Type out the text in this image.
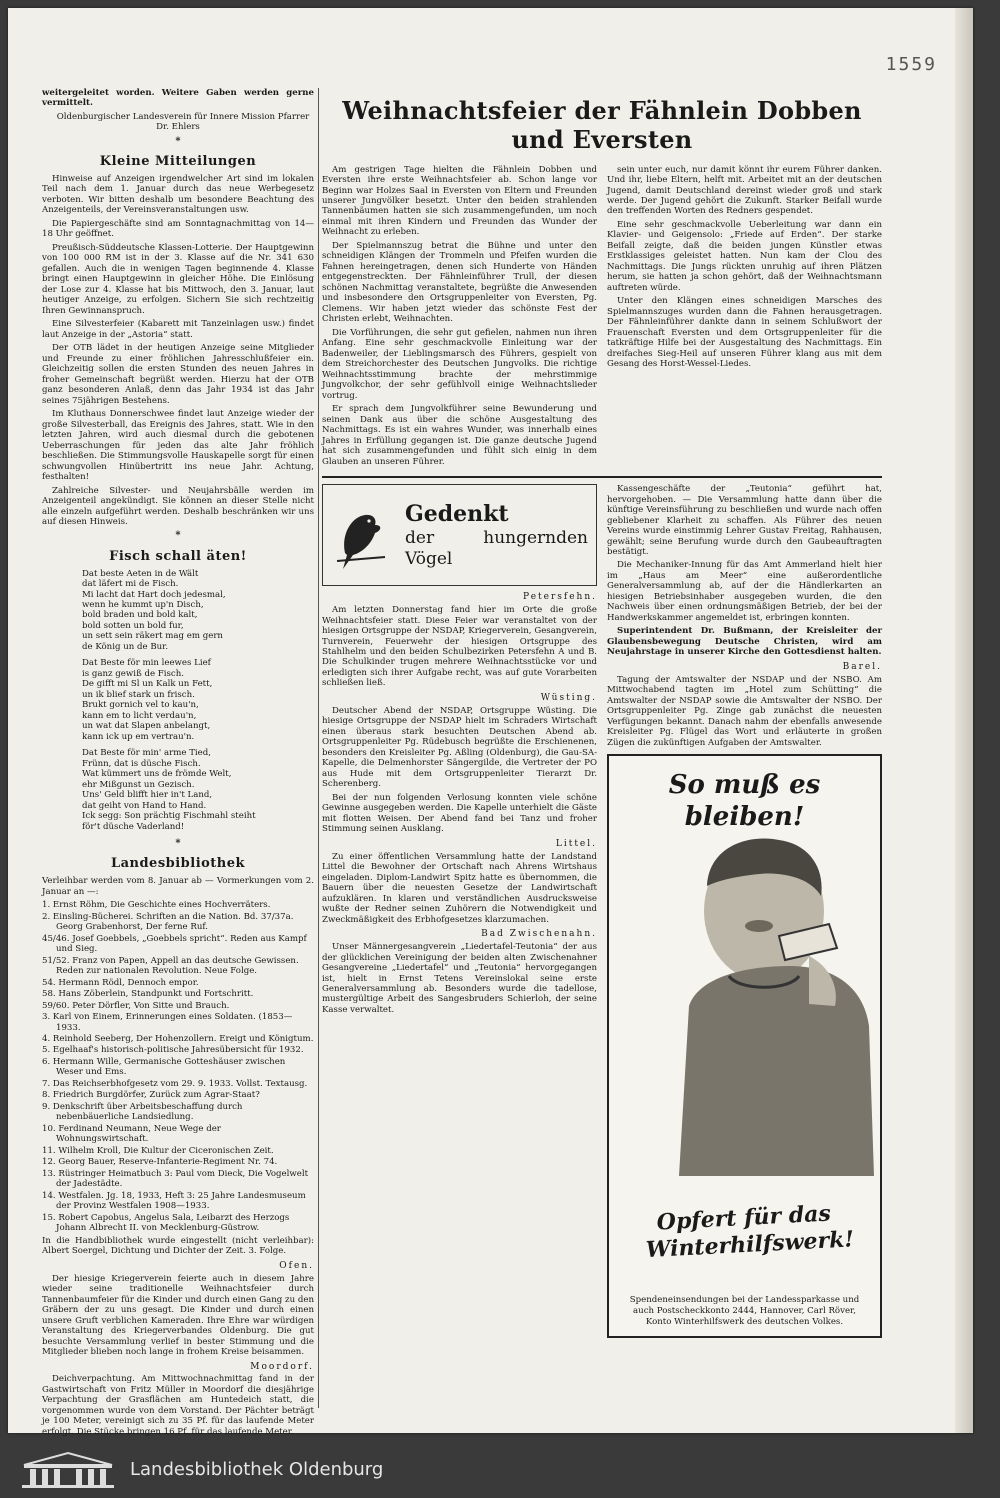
1559

weitergeleitet worden. Weitere Gaben werden gerne vermittelt.

Oldenburgischer Landesverein für Innere Mission Pfarrer Dr. Ehlers

*
Kleine Mitteilungen

Hinweise auf Anzeigen irgendwelcher Art sind im lokalen Teil nach dem 1. Januar durch das neue Werbegesetz verboten. Wir bitten deshalb um besondere Beachtung des Anzeigenteils, der Vereinsveranstaltungen usw.

Die Papiergeschäfte sind am Sonntagnachmittag von 14—18 Uhr geöffnet.

Preußisch-Süddeutsche Klassen-Lotterie. Der Hauptgewinn von 100 000 RM ist in der 3. Klasse auf die Nr. 341 630 gefallen. Auch die in wenigen Tagen beginnende 4. Klasse bringt einen Hauptgewinn in gleicher Höhe. Die Einlösung der Lose zur 4. Klasse hat bis Mittwoch, den 3. Januar, laut heutiger Anzeige, zu erfolgen. Sichern Sie sich rechtzeitig Ihren Gewinnanspruch.

Eine Silvesterfeier (Kabarett mit Tanzeinlagen usw.) findet laut Anzeige in der „Astoria“ statt.

Der OTB lädet in der heutigen Anzeige seine Mitglieder und Freunde zu einer fröhlichen Jahresschlußfeier ein. Gleichzeitig sollen die ersten Stunden des neuen Jahres in froher Gemeinschaft begrüßt werden. Hierzu hat der OTB ganz besonderen Anlaß, denn das Jahr 1934 ist das Jahr seines 75jährigen Bestehens.

Im Kluthaus Donnerschwee findet laut Anzeige wieder der große Silvesterball, das Ereignis des Jahres, statt. Wie in den letzten Jahren, wird auch diesmal durch die gebotenen Ueberraschungen für jeden das alte Jahr fröhlich beschließen. Die Stimmungsvolle Hauskapelle sorgt für einen schwungvollen Hinübertritt ins neue Jahr. Achtung, festhalten!

Zahlreiche Silvester- und Neujahrsbälle werden im Anzeigenteil angekündigt. Sie können an dieser Stelle nicht alle einzeln aufgeführt werden. Deshalb beschränken wir uns auf diesen Hinweis.

*
Fisch schall äten!
Dat beste Aeten in de Wält
dat läfert mi de Fisch.
Mi lacht dat Hart doch jedesmal,
wenn he kummt up'n Disch,
bold braden und bold kalt,
bold sotten un bold fur,
un sett sein räkert mag em gern
de König un de Bur.
Dat Beste för min leewes Lief
is ganz gewiß de Fisch.
De gifft mi Sl un Kalk un Fett,
un ik blief stark un frisch.
Brukt gornich vel to kau'n,
kann em to licht verdau'n,
un wat dat Slapen anbelangt,
kann ick up em vertrau'n.
Dat Beste för min' arme Tied,
Frünn, dat is düsche Fisch.
Wat kümmert uns de frömde Welt,
ehr Mißgunst un Gezisch.
Uns' Geld blifft hier in't Land,
dat geiht von Hand to Hand.
Ick segg: Son prächtig Fischmahl steiht
för't düsche Vaderland!
*
Landesbibliothek

Verleihbar werden vom 8. Januar ab — Vormerkungen vom 2. Januar an —:

1. Ernst Röhm, Die Geschichte eines Hochverräters.
2. Einsling-Bücherei. Schriften an die Nation. Bd. 37/37a. Georg Grabenhorst, Der ferne Ruf.
45/46. Josef Goebbels, „Goebbels spricht“. Reden aus Kampf und Sieg.
51/52. Franz von Papen, Appell an das deutsche Gewissen. Reden zur nationalen Revolution. Neue Folge.
54. Hermann Rödl, Dennoch empor.
58. Hans Zöberlein, Standpunkt und Fortschritt.
59/60. Peter Dörfler, Von Sitte und Brauch.
3. Karl von Einem, Erinnerungen eines Soldaten. (1853—1933.
4. Reinhold Seeberg, Der Hohenzollern. Ereigt und Königtum.
5. Egelhaaf's historisch-politische Jahresübersicht für 1932.
6. Hermann Wille, Germanische Gotteshäuser zwischen Weser und Ems.
7. Das Reichserbhofgesetz vom 29. 9. 1933. Vollst. Textausg.
8. Friedrich Burgdörfer, Zurück zum Agrar-Staat?
9. Denkschrift über Arbeitsbeschaffung durch nebenbäuerliche Landsiedlung.
10. Ferdinand Neumann, Neue Wege der Wohnungswirtschaft.
11. Wilhelm Kroll, Die Kultur der Ciceronischen Zeit.
12. Georg Bauer, Reserve-Infanterie-Regiment Nr. 74.
13. Rüstringer Heimatbuch 3: Paul vom Dieck, Die Vogelwelt der Jadestädte.
14. Westfalen. Jg. 18, 1933, Heft 3: 25 Jahre Landesmuseum der Provinz Westfalen 1908—1933.
15. Robert Capobus, Angelus Sala, Leibarzt des Herzogs Johann Albrecht II. von Mecklenburg-Güstrow.

In die Handbibliothek wurde eingestellt (nicht verleihbar): Albert Soergel, Dichtung und Dichter der Zeit. 3. Folge.

Ofen.

Der hiesige Kriegerverein feierte auch in diesem Jahre wieder seine traditionelle Weihnachtsfeier durch Tannenbaumfeier für die Kinder und durch einen Gang zu den Gräbern der zu uns gesagt. Die Kinder und durch einen unsere Gruft verblichen Kameraden. Ihre Ehre war würdigen Veranstaltung des Kriegerverbandes Oldenburg. Die gut besuchte Versammlung verlief in bester Stimmung und die Mitglieder blieben noch lange in frohem Kreise beisammen.

Moordorf.

Deichverpachtung. Am Mittwochnachmittag fand in der Gastwirtschaft von Fritz Müller in Moordorf die diesjährige Verpachtung der Grasflächen am Huntedeich statt, die vorgenommen wurde von dem Vorstand. Der Pächter beträgt je 100 Meter, vereinigt sich zu 35 Pf. für das laufende Meter erfolgt. Die Stücke bringen 16 Pf. für das laufende Meter.

Weihnachtsfeier der Fähnlein Dobben und Eversten

Am gestrigen Tage hielten die Fähnlein Dobben und Eversten ihre erste Weihnachtsfeier ab. Schon lange vor Beginn war Holzes Saal in Eversten von Eltern und Freunden unserer Jungvölker besetzt. Unter den beiden strahlenden Tannenbäumen hatten sie sich zusammengefunden, um noch einmal mit ihren Kindern und Freunden das Wunder der Weihnacht zu erleben.

Der Spielmannszug betrat die Bühne und unter den schneidigen Klängen der Trommeln und Pfeifen wurden die Fahnen hereingetragen, denen sich Hunderte von Händen entgegenstreckten. Der Fähnleinführer Trull, der diesen schönen Nachmittag veranstaltete, begrüßte die Anwesenden und insbesondere den Ortsgruppenleiter von Eversten, Pg. Clemens. Wir haben jetzt wieder das schönste Fest der Christen erlebt, Weihnachten.

Die Vorführungen, die sehr gut gefielen, nahmen nun ihren Anfang. Eine sehr geschmackvolle Einleitung war der Badenweiler, der Lieblingsmarsch des Führers, gespielt von dem Streichorchester des Deutschen Jungvolks. Die richtige Weihnachtsstimmung brachte der mehrstimmige Jungvolkchor, der sehr gefühlvoll einige Weihnachtslieder vortrug.

Er sprach dem Jungvolkführer seine Bewunderung und seinen Dank aus über die schöne Ausgestaltung des Nachmittags. Es ist ein wahres Wunder, was innerhalb eines Jahres in Erfüllung gegangen ist. Die ganze deutsche Jugend hat sich zusammengefunden und fühlt sich einig in dem Glauben an unseren Führer.

sein unter euch, nur damit könnt ihr eurem Führer danken. Und ihr, liebe Eltern, helft mit. Arbeitet mit an der deutschen Jugend, damit Deutschland dereinst wieder groß und stark werde. Der Jugend gehört die Zukunft. Starker Beifall wurde den treffenden Worten des Redners gespendet.

Eine sehr geschmackvolle Ueberleitung war dann ein Klavier- und Geigensolo: „Friede auf Erden“. Der starke Beifall zeigte, daß die beiden jungen Künstler etwas Erstklassiges geleistet hatten. Nun kam der Clou des Nachmittags. Die Jungs rückten unruhig auf ihren Plätzen herum, sie hatten ja schon gehört, daß der Weihnachtsmann auftreten würde.

Unter den Klängen eines schneidigen Marsches des Spielmannszuges wurden dann die Fahnen herausgetragen. Der Fähnleinführer dankte dann in seinem Schlußwort der Frauenschaft Eversten und dem Ortsgruppenleiter für die tatkräftige Hilfe bei der Ausgestaltung des Nachmittags. Ein dreifaches Sieg-Heil auf unseren Führer klang aus mit dem Gesang des Horst-Wessel-Liedes.

Gedenkt
der hungernden Vögel
Petersfehn.

Am letzten Donnerstag fand hier im Orte die große Weihnachtsfeier statt. Diese Feier war veranstaltet von der hiesigen Ortsgruppe der NSDAP, Kriegerverein, Gesangverein, Turnverein, Feuerwehr der hiesigen Ortsgruppe des Stahlhelm und den beiden Schulbezirken Petersfehn A und B. Die Schulkinder trugen mehrere Weihnachtsstücke vor und erledigten sich ihrer Aufgabe recht, was auf gute Vorarbeiten schließen ließ.

Wüsting.

Deutscher Abend der NSDAP, Ortsgruppe Wüsting. Die hiesige Ortsgruppe der NSDAP hielt im Schraders Wirtschaft einen überaus stark besuchten Deutschen Abend ab. Ortsgruppenleiter Pg. Rüdebusch begrüßte die Erschienenen, besonders den Kreisleiter Pg. Aßling (Oldenburg), die Gau-SA-Kapelle, die Delmenhorster Sängergilde, die Vertreter der PO aus Hude mit dem Ortsgruppenleiter Tierarzt Dr. Scherenberg.

Bei der nun folgenden Verlosung konnten viele schöne Gewinne ausgegeben werden. Die Kapelle unterhielt die Gäste mit flotten Weisen. Der Abend fand bei Tanz und froher Stimmung seinen Ausklang.

Littel.

Zu einer öffentlichen Versammlung hatte der Landstand Littel die Bewohner der Ortschaft nach Ahrens Wirtshaus eingeladen. Diplom-Landwirt Spitz hatte es übernommen, die Bauern über die neuesten Gesetze der Landwirtschaft aufzuklären. In klaren und verständlichen Ausdrucksweise wußte der Redner seinen Zuhörern die Notwendigkeit und Zweckmäßigkeit des Erbhofgesetzes klarzumachen.

Bad Zwischenahn.

Unser Männergesangverein „Liedertafel-Teutonia“ der aus der glücklichen Vereinigung der beiden alten Zwischenahner Gesangvereine „Liedertafel“ und „Teutonia“ hervorgegangen ist, hielt in Ernst Tetens Vereinslokal seine erste Generalversammlung ab. Besonders wurde die tadellose, mustergültige Arbeit des Sangesbruders Schierloh, der seine Kasse verwaltet.

Kassengeschäfte der „Teutonia“ geführt hat, hervorgehoben. — Die Versammlung hatte dann über die künftige Vereinsführung zu beschließen und wurde nach offen gebliebener Klarheit zu schaffen. Als Führer des neuen Vereins wurde einstimmig Lehrer Gustav Freitag, Rahhausen, gewählt; seine Berufung wurde durch den Gaubeauftragten bestätigt.

Die Mechaniker-Innung für das Amt Ammerland hielt hier im „Haus am Meer“ eine außerordentliche Generalversammlung ab, auf der die Händlerkarten an hiesigen Betriebsinhaber ausgegeben wurden, die den Nachweis über einen ordnungsmäßigen Betrieb, der bei der Handwerkskammer angemeldet ist, erbringen konnten.

Superintendent Dr. Bußmann, der Kreisleiter der Glaubensbewegung Deutsche Christen, wird am Neujahrstage in unserer Kirche den Gottesdienst halten.

Barel.

Tagung der Amtswalter der NSDAP und der NSBO. Am Mittwochabend tagten im „Hotel zum Schütting“ die Amtswalter der NSDAP sowie die Amtswalter der NSBO. Der Ortsgruppenleiter Pg. Zinge gab zunächst die neuesten Verfügungen bekannt. Danach nahm der ebenfalls anwesende Kreisleiter Pg. Flügel das Wort und erläuterte in großen Zügen die zukünftigen Aufgaben der Amtswalter.

So muß es bleiben!
Opfert für das Winterhilfswerk!
Spendeneinsendungen bei der Landessparkasse und auch Postscheckkonto 2444, Hannover, Carl Röver, Konto Winterhilfswerk des deutschen Volkes.
Landesbibliothek Oldenburg
